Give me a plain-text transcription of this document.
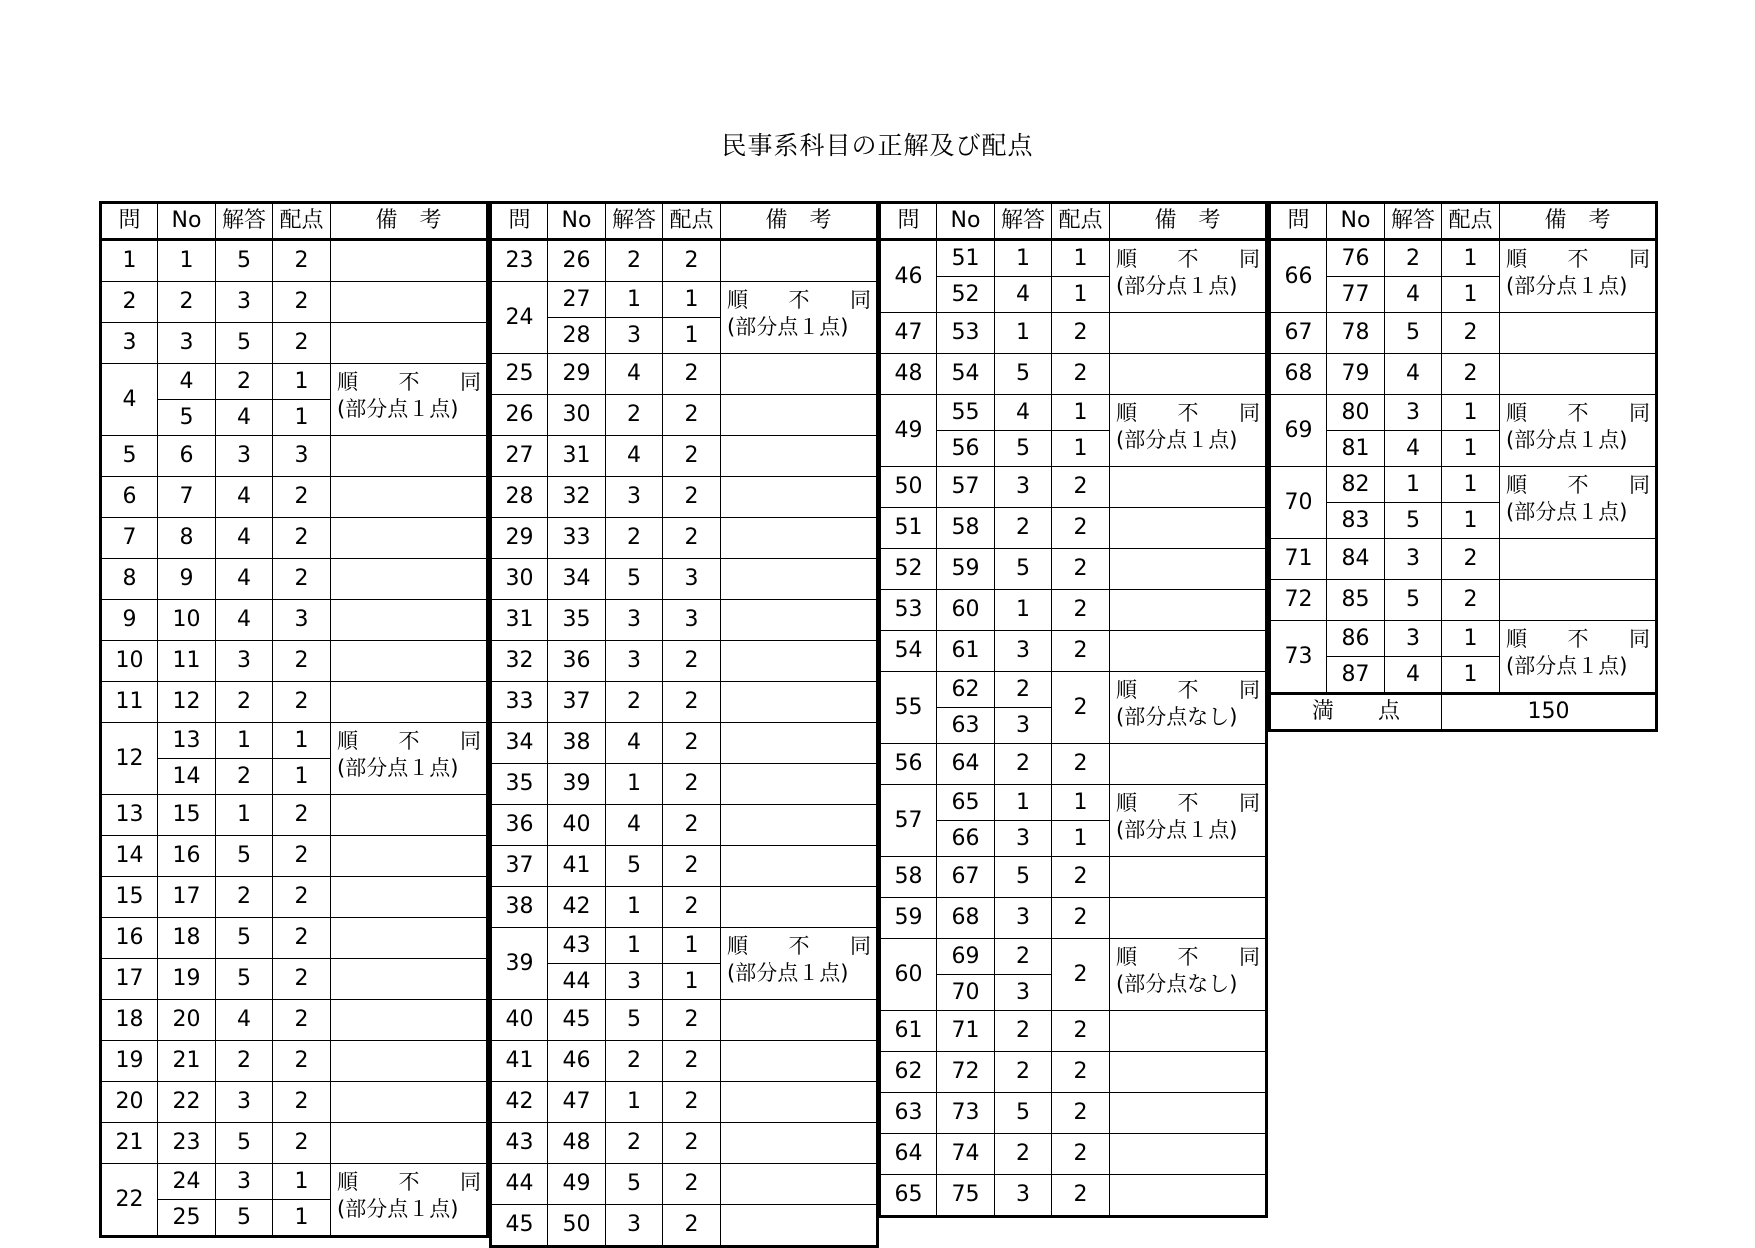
民事系科目の正解及び配点
問	No	解答	配点	備　考
1	1	5	2	
2	2	3	2	
3	3	5	2	
4	4	2	1	順 不 同
(部分点１点)

	5	4	1	
5	6	3	3	
6	7	4	2	
7	8	4	2	
8	9	4	2	
9	10	4	3	
10	11	3	2	
11	12	2	2	
12	13	1	1	順 不 同
(部分点１点)

	14	2	1	
13	15	1	2	
14	16	5	2	
15	17	2	2	
16	18	5	2	
17	19	5	2	
18	20	4	2	
19	21	2	2	
20	22	3	2	
21	23	5	2	
22	24	3	1	順 不 同
(部分点１点)

	25	5	1	
問	No	解答	配点	備　考
23	26	2	2	
24	27	1	1	順 不 同
(部分点１点)

	28	3	1	
25	29	4	2	
26	30	2	2	
27	31	4	2	
28	32	3	2	
29	33	2	2	
30	34	5	3	
31	35	3	3	
32	36	3	2	
33	37	2	2	
34	38	4	2	
35	39	1	2	
36	40	4	2	
37	41	5	2	
38	42	1	2	
39	43	1	1	順 不 同
(部分点１点)

	44	3	1	
40	45	5	2	
41	46	2	2	
42	47	1	2	
43	48	2	2	
44	49	5	2	
45	50	3	2	
問	No	解答	配点	備　考
46	51	1	1	順 不 同
(部分点１点)

	52	4	1	
47	53	1	2	
48	54	5	2	
49	55	4	1	順 不 同
(部分点１点)

	56	5	1	
50	57	3	2	
51	58	2	2	
52	59	5	2	
53	60	1	2	
54	61	3	2	
55	62	2	2	順 不 同
(部分点なし)

	63	3		
56	64	2	2	
57	65	1	1	順 不 同
(部分点１点)

	66	3	1	
58	67	5	2	
59	68	3	2	
60	69	2	2	順 不 同
(部分点なし)

	70	3		
61	71	2	2	
62	72	2	2	
63	73	5	2	
64	74	2	2	
65	75	3	2	
問	No	解答	配点	備　考
66	76	2	1	順 不 同
(部分点１点)

	77	4	1	
67	78	5	2	
68	79	4	2	
69	80	3	1	順 不 同
(部分点１点)

	81	4	1	
70	82	1	1	順 不 同
(部分点１点)

	83	5	1	
71	84	3	2	
72	85	5	2	
73	86	3	1	順 不 同
(部分点１点)

	87	4	1	
満　　点			150	
